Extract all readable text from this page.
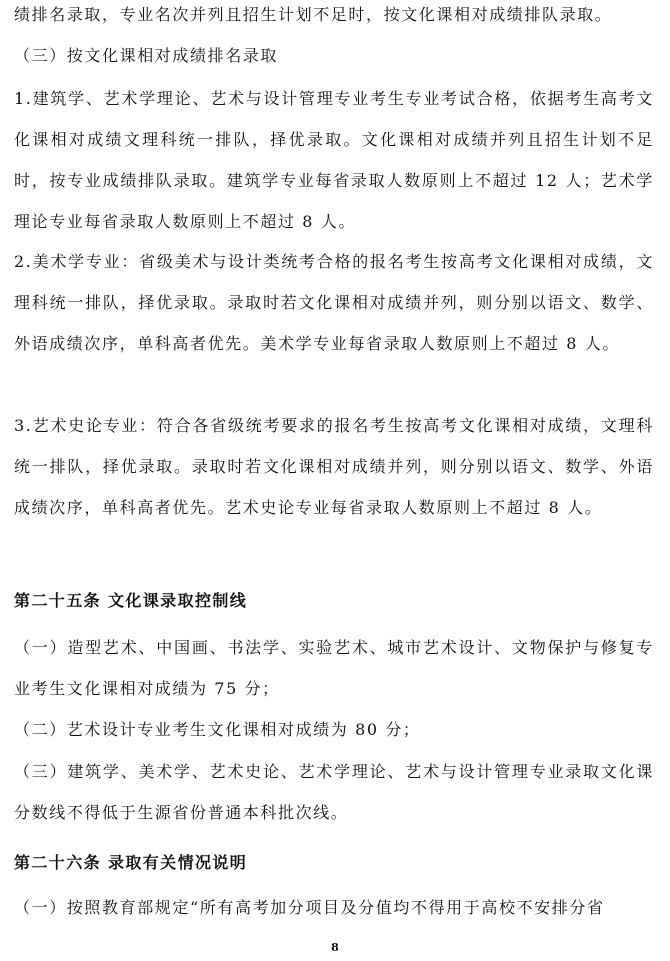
绩排名录取，专业名次并列且招生计划不足时，按文化课相对成绩排队录取。

（三）按文化课相对成绩排名录取

1.建筑学、艺术学理论、艺术与设计管理专业考生专业考试合格，依据考生高考文化课相对成绩文理科统一排队，择优录取。文化课相对成绩并列且招生计划不足时，按专业成绩排队录取。建筑学专业每省录取人数原则上不超过 12 人；艺术学理论专业每省录取人数原则上不超过 8 人。

2.美术学专业：省级美术与设计类统考合格的报名考生按高考文化课相对成绩，文理科统一排队，择优录取。录取时若文化课相对成绩并列，则分别以语文、数学、外语成绩次序，单科高者优先。美术学专业每省录取人数原则上不超过 8 人。

3.艺术史论专业：符合各省级统考要求的报名考生按高考文化课相对成绩，文理科统一排队，择优录取。录取时若文化课相对成绩并列，则分别以语文、数学、外语成绩次序，单科高者优先。艺术史论专业每省录取人数原则上不超过 8 人。

第二十五条 文化课录取控制线

（一）造型艺术、中国画、书法学、实验艺术、城市艺术设计、文物保护与修复专业考生文化课相对成绩为 75 分；

（二）艺术设计专业考生文化课相对成绩为 80 分；

（三）建筑学、美术学、艺术史论、艺术学理论、艺术与设计管理专业录取文化课分数线不得低于生源省份普通本科批次线。

第二十六条 录取有关情况说明

（一）按照教育部规定“所有高考加分项目及分值均不得用于高校不安排分省

8
